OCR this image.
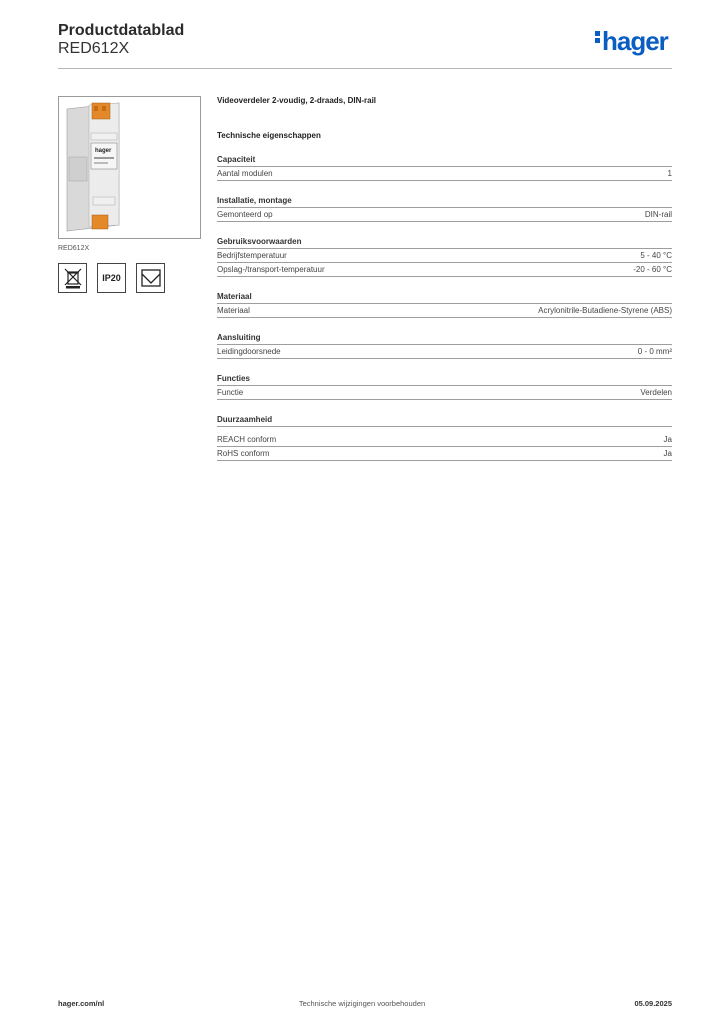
Productdatablad
RED612X	hager
hager
RED612X
IP20
Videoverdeler 2-voudig, 2-draads, DIN-rail
Technische eigenschappen
Capaciteit
Aantal modulen	1
Installatie, montage
Gemonteerd op	DIN-rail
Gebruiksvoorwaarden
Bedrijfstemperatuur	5 - 40 °C
Opslag-/transport-temperatuur	-20 - 60 °C
Materiaal
Materiaal	Acrylonitrile-Butadiene-Styrene (ABS)
Aansluiting
Leidingdoorsnede	0 - 0 mm²
Functies
Functie	Verdelen
Duurzaamheid
REACH conform	Ja
RoHS conform	Ja
Technische wijzigingen voorbehouden
hager.com/nl	05.09.2025
